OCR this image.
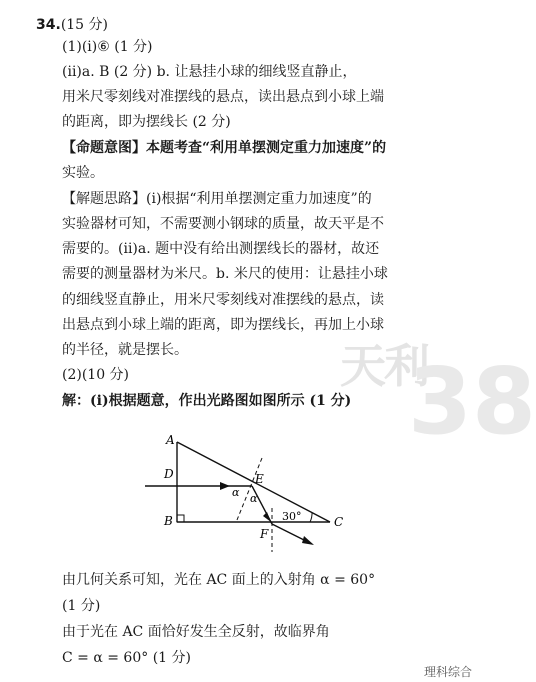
天利
38
34.(15 分)
(1)(ⅰ)⑥ (1 分)
(ⅱ)a. B (2 分) b. 让悬挂小球的细线竖直静止，
用米尺零刻线对准摆线的悬点，读出悬点到小球上端
的距离，即为摆线长 (2 分)
【命题意图】本题考查“利用单摆测定重力加速度”的
实验。
【解题思路】(ⅰ)根据“利用单摆测定重力加速度”的
实验器材可知，不需要测小钢球的质量，故天平是不
需要的。(ⅱ)a. 题中没有给出测摆线长的器材，故还
需要的测量器材为米尺。b. 米尺的使用：让悬挂小球
的细线竖直静止，用米尺零刻线对准摆线的悬点，读
出悬点到小球上端的距离，即为摆线长，再加上小球
的半径，就是摆长。
(2)(10 分)
解：(ⅰ)根据题意，作出光路图如图所示 (1 分)
A
D
B	C
E
F
α α
30°
由几何关系可知，光在 AC 面上的入射角 α = 60°
(1 分)
由于光在 AC 面恰好发生全反射，故临界角
C = α = 60° (1 分)
理科综合
